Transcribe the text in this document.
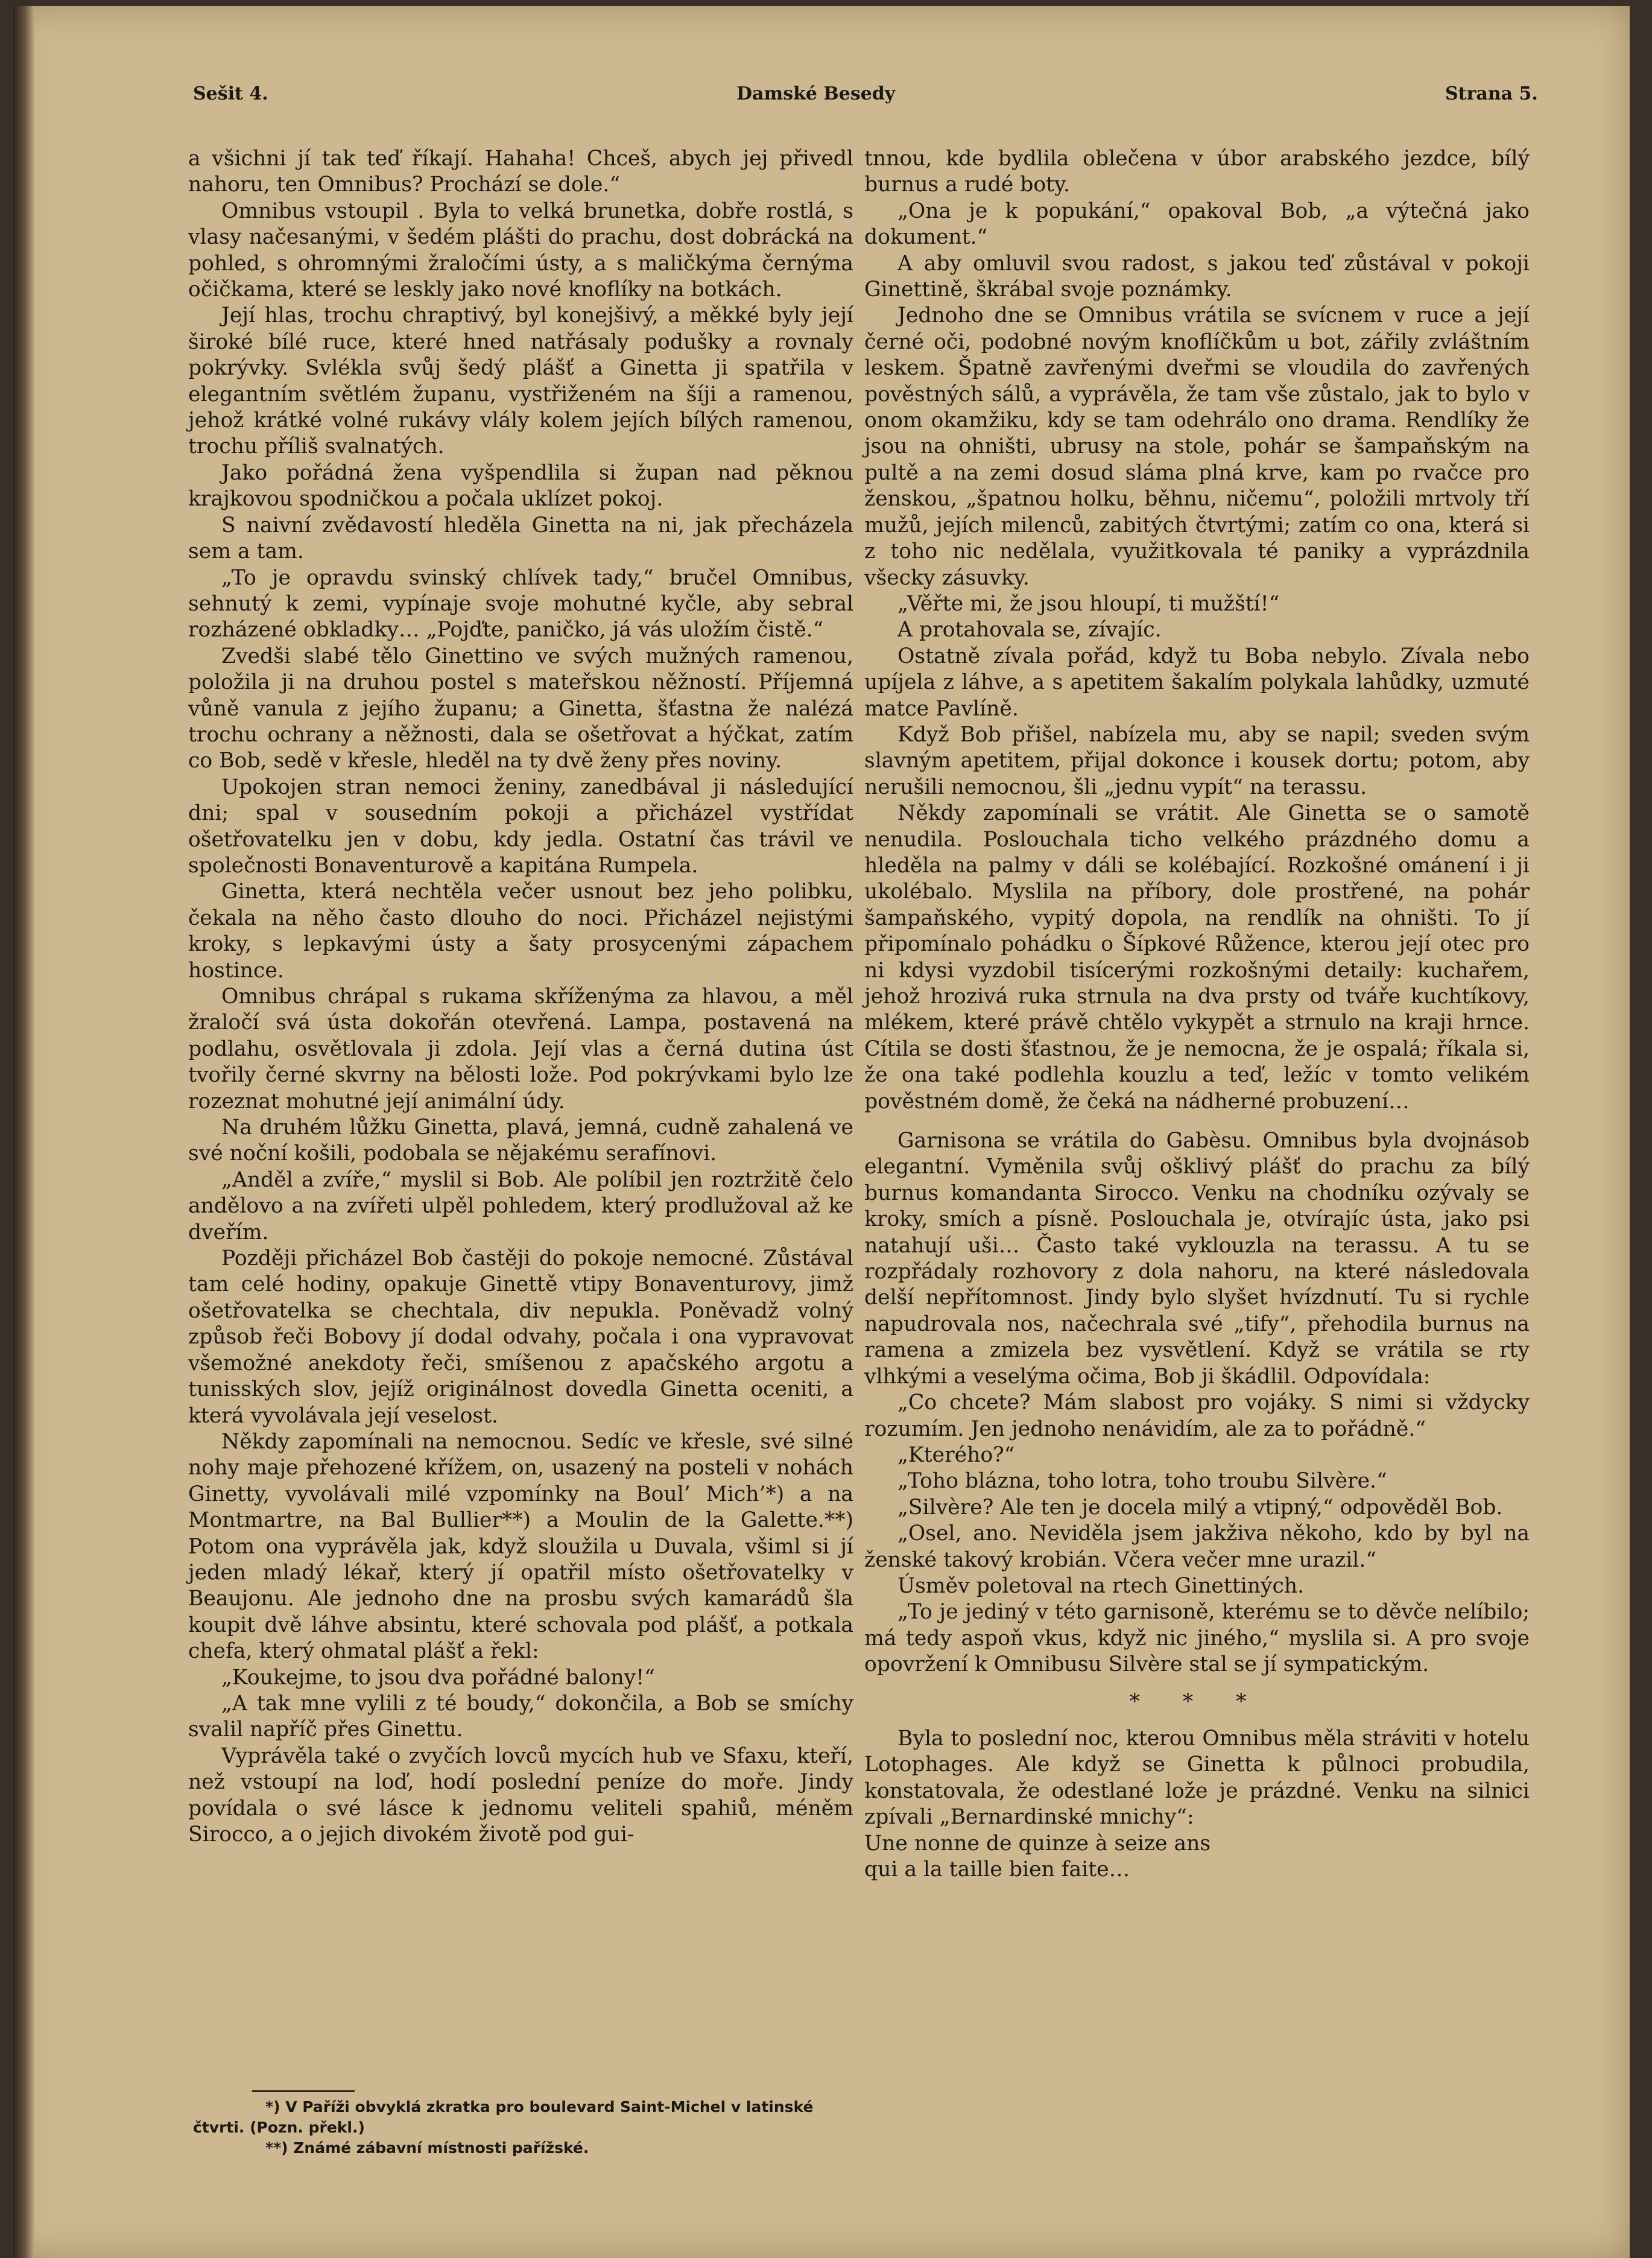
Sešit 4.	Damské Besedy	Strana 5.

a všichni jí tak teď říkají. Hahaha! Chceš, abych jej přivedl nahoru, ten Omnibus? Prochází se dole.“

Omnibus vstoupil . Byla to velká brunetka, dobře rostlá, s vlasy načesanými, v šedém plášti do prachu, dost dobrácká na pohled, s ohromnými žraločími ústy, a s maličkýma černýma očičkama, které se leskly jako nové knoflíky na botkách.

Její hlas, trochu chraptivý, byl konejšivý, a měkké byly její široké bílé ruce, které hned natřásaly podušky a rovnaly pokrývky. Svlékla svůj šedý plášť a Ginetta ji spatřila v elegantním světlém županu, vystřiženém na šíji a ramenou, jehož krátké volné rukávy vlály kolem jejích bílých ramenou, trochu příliš svalnatých.

Jako pořádná žena vyšpendlila si župan nad pěknou krajkovou spodničkou a počala uklízet pokoj.

S naivní zvědavostí hleděla Ginetta na ni, jak přecházela sem a tam.

„To je opravdu svinský chlívek tady,“ bručel Omnibus, sehnutý k zemi, vypínaje svoje mohutné kyčle, aby sebral rozházené obkladky… „Pojďte, paničko, já vás uložím čistě.“

Zvedši slabé tělo Ginettino ve svých mužných ramenou, položila ji na druhou postel s mateřskou něžností. Příjemná vůně vanula z jejího županu; a Ginetta, šťastna že nalézá trochu ochrany a něžnosti, dala se ošetřovat a hýčkat, zatím co Bob, sedě v křesle, hleděl na ty dvě ženy přes noviny.

Upokojen stran nemoci ženiny, zanedbával ji následující dni; spal v sousedním pokoji a přicházel vystřídat ošetřovatelku jen v dobu, kdy jedla. Ostatní čas trávil ve společnosti Bonaventurově a kapitána Rumpela.

Ginetta, která nechtěla večer usnout bez jeho polibku, čekala na něho často dlouho do noci. Přicházel nejistými kroky, s lepkavými ústy a šaty prosycenými zápachem hostince.

Omnibus chrápal s rukama skříženýma za hlavou, a měl žraločí svá ústa dokořán otevřená. Lampa, postavená na podlahu, osvětlovala ji zdola. Její vlas a černá dutina úst tvořily černé skvrny na bělosti lože. Pod pokrývkami bylo lze rozeznat mohutné její animální údy.

Na druhém lůžku Ginetta, plavá, jemná, cudně zahalená ve své noční košili, podobala se nějakému serafínovi.

„Anděl a zvíře,“ myslil si Bob. Ale políbil jen roztržitě čelo andělovo a na zvířeti ulpěl pohledem, který prodlužoval až ke dveřím.

Později přicházel Bob častěji do pokoje nemocné. Zůstával tam celé hodiny, opakuje Ginettě vtipy Bonaventurovy, jimž ošetřovatelka se chechtala, div nepukla. Poněvadž volný způsob řeči Bobovy jí dodal odvahy, počala i ona vypravovat všemožné anekdoty řeči, smíšenou z apačského argotu a tunisských slov, jejíž originálnost dovedla Ginetta oceniti, a která vyvolávala její veselost.

Někdy zapomínali na nemocnou. Sedíc ve křesle, své silné nohy maje přehozené křížem, on, usazený na posteli v nohách Ginetty, vyvolávali milé vzpomínky na Boul’ Mich’*) a na Montmartre, na Bal Bullier**) a Moulin de la Galette.**) Potom ona vyprávěla jak, když sloužila u Duvala, všiml si jí jeden mladý lékař, který jí opatřil místo ošetřovatelky v Beaujonu. Ale jednoho dne na prosbu svých kamarádů šla koupit dvě láhve absintu, které schovala pod plášť, a potkala chefa, který ohmatal plášť a řekl:

„Koukejme, to jsou dva pořádné balony!“

„A tak mne vylili z té boudy,“ dokončila, a Bob se smíchy svalil napříč přes Ginettu.

Vyprávěla také o zvyčích lovců mycích hub ve Sfaxu, kteří, než vstoupí na loď, hodí poslední peníze do moře. Jindy povídala o své lásce k jednomu veliteli spahiů, méněm Sirocco, a o jejich divokém životě pod gui-

*) V Paříži obvyklá zkratka pro boulevard Saint-Michel v latinské čtvrti. (Pozn. překl.)
**) Známé zábavní místnosti pařížské.

tnnou, kde bydlila oblečena v úbor arabského jezdce, bílý burnus a rudé boty.

„Ona je k popukání,“ opakoval Bob, „a výtečná jako dokument.“

A aby omluvil svou radost, s jakou teď zůstával v pokoji Ginettině, škrábal svoje poznámky.

Jednoho dne se Omnibus vrátila se svícnem v ruce a její černé oči, podobné novým knoflíčkům u bot, zářily zvláštním leskem. Špatně zavřenými dveřmi se vloudila do zavřených pověstných sálů, a vyprávěla, že tam vše zůstalo, jak to bylo v onom okamžiku, kdy se tam odehrálo ono drama. Rendlíky že jsou na ohništi, ubrusy na stole, pohár se šampaňským na pultě a na zemi dosud sláma plná krve, kam po rvačce pro ženskou, „špatnou holku, běhnu, ničemu“, položili mrtvoly tří mužů, jejích milenců, zabitých čtvrtými; zatím co ona, která si z toho nic nedělala, využitkovala té paniky a vyprázdnila všecky zásuvky.

„Věřte mi, že jsou hloupí, ti mužští!“

A protahovala se, zívajíc.

Ostatně zívala pořád, když tu Boba nebylo. Zívala nebo upíjela z láhve, a s apetitem šakalím polykala lahůdky, uzmuté matce Pavlíně.

Když Bob přišel, nabízela mu, aby se napil; sveden svým slavným apetitem, přijal dokonce i kousek dortu; potom, aby nerušili nemocnou, šli „jednu vypít“ na terassu.

Někdy zapomínali se vrátit. Ale Ginetta se o samotě nenudila. Poslouchala ticho velkého prázdného domu a hleděla na palmy v dáli se kolébající. Rozkošné ománení i ji ukolébalo. Myslila na příbory, dole prostřené, na pohár šampaňského, vypitý dopola, na rendlík na ohništi. To jí připomínalo pohádku o Šípkové Růžence, kterou její otec pro ni kdysi vyzdobil tisícerými rozkošnými detaily: kuchařem, jehož hrozivá ruka strnula na dva prsty od tváře kuchtíkovy, mlékem, které právě chtělo vykypět a strnulo na kraji hrnce. Cítila se dosti šťastnou, že je nemocna, že je ospalá; říkala si, že ona také podlehla kouzlu a teď, ležíc v tomto velikém pověstném domě, že čeká na nádherné probuzení…

Garnisona se vrátila do Gabèsu. Omnibus byla dvojnásob elegantní. Vyměnila svůj ošklivý plášť do prachu za bílý burnus komandanta Sirocco. Venku na chodníku ozývaly se kroky, smích a písně. Poslouchala je, otvírajíc ústa, jako psi natahují uši… Často také vyklouzla na terassu. A tu se rozpřádaly rozhovory z dola nahoru, na které následovala delší nepřítomnost. Jindy bylo slyšet hvízdnutí. Tu si rychle napudrovala nos, načechrala své „tify“, přehodila burnus na ramena a zmizela bez vysvětlení. Když se vrátila se rty vlhkými a veselýma očima, Bob ji škádlil. Odpovídala:

„Co chcete? Mám slabost pro vojáky. S nimi si vždycky rozumím. Jen jednoho nenávidím, ale za to pořádně.“

„Kterého?“

„Toho blázna, toho lotra, toho troubu Silvère.“

„Silvère? Ale ten je docela milý a vtipný,“ odpověděl Bob.

„Osel, ano. Neviděla jsem jakživa někoho, kdo by byl na ženské takový krobián. Včera večer mne urazil.“

Úsměv poletoval na rtech Ginettiných.

„To je jediný v této garnisoně, kterému se to děvče nelíbilo; má tedy aspoň vkus, když nic jiného,“ myslila si. A pro svoje opovržení k Omnibusu Silvère stal se jí sympatickým.

* * *

Byla to poslední noc, kterou Omnibus měla stráviti v hotelu Lotophages. Ale když se Ginetta k půlnoci probudila, konstatovala, že odestlané lože je prázdné. Venku na silnici zpívali „Bernardinské mnichy“:

Une nonne de quinze à seize ans

qui a la taille bien faite…
